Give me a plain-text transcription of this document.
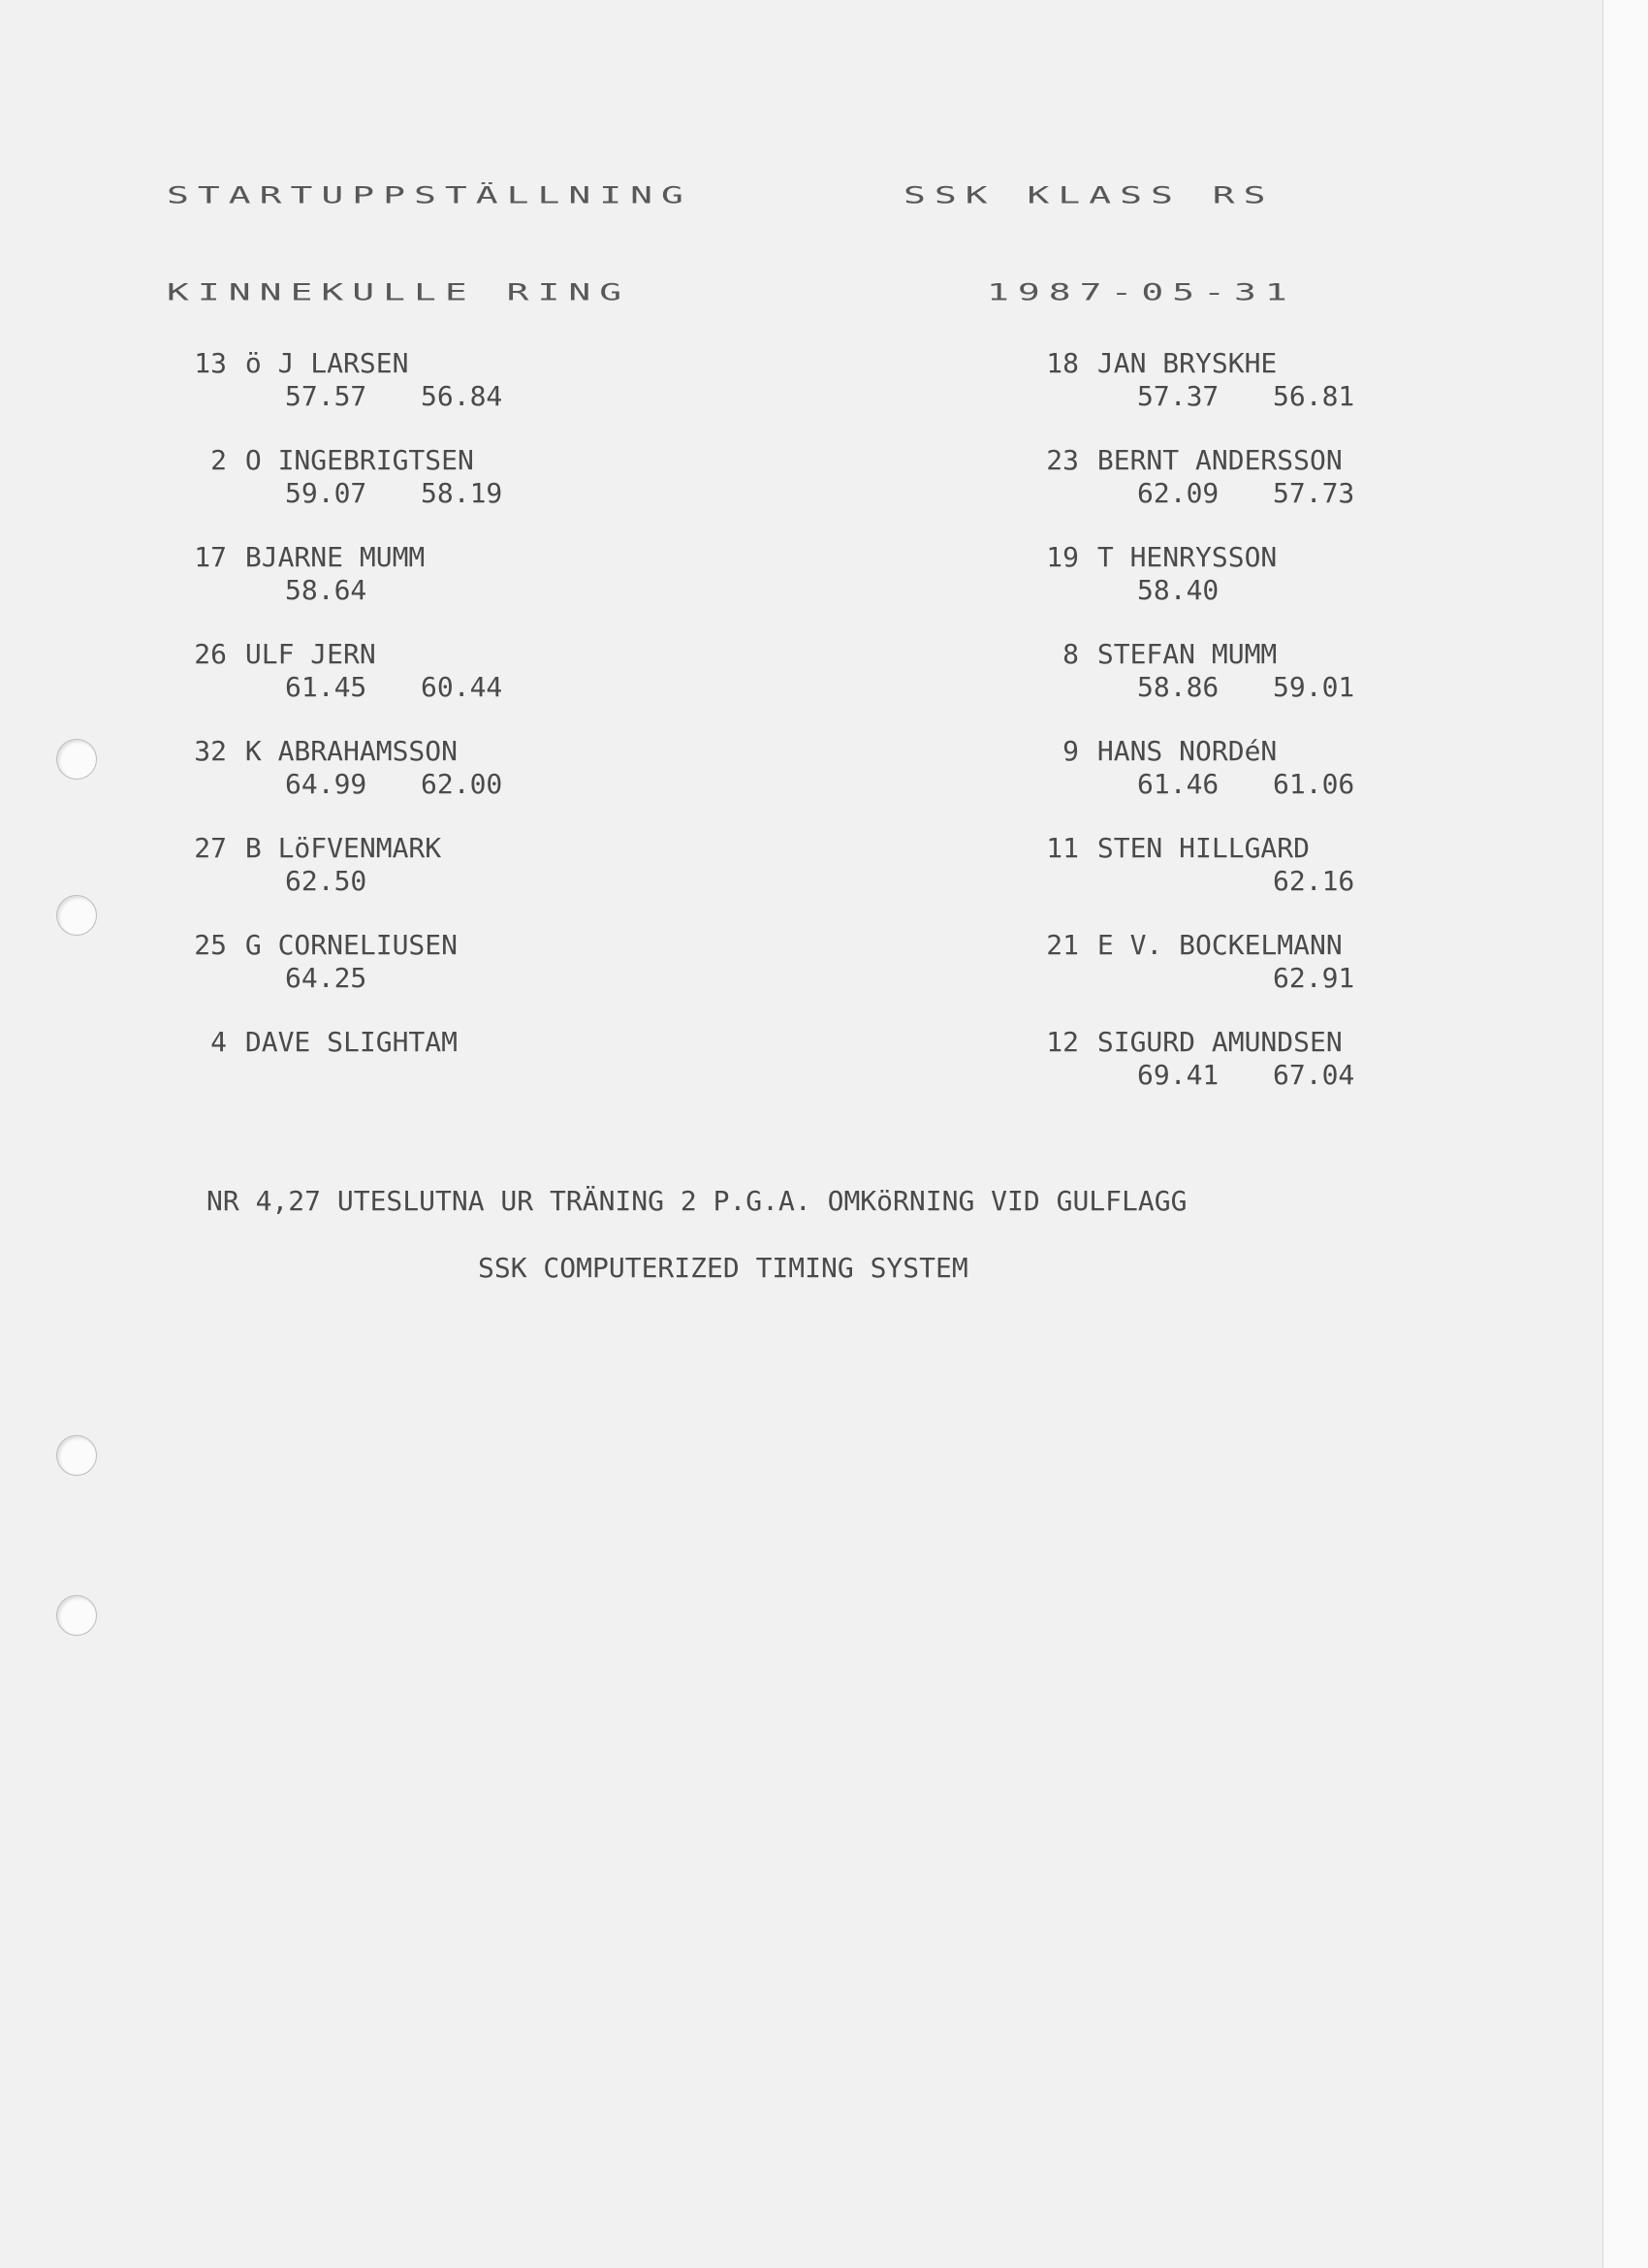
STARTUPPSTÄLLNING	SSK KLASS RS
KINNEKULLE RING	1987-05-31
13 ö J LARSEN
57.57 56.84
2 O INGEBRIGTSEN
59.07 58.19
17 BJARNE MUMM
58.64
26 ULF JERN
61.45 60.44
32 K ABRAHAMSSON
64.99 62.00
27 B LöFVENMARK
62.50
25 G CORNELIUSEN
64.25
4 DAVE SLIGHTAM
18 JAN BRYSKHE
57.37 56.81
23 BERNT ANDERSSON
62.09 57.73
19 T HENRYSSON
58.40
8 STEFAN MUMM
58.86 59.01
9 HANS NORDéN
61.46 61.06
11 STEN HILLGARD
62.16
21 E V. BOCKELMANN
62.91
12 SIGURD AMUNDSEN
69.41 67.04
NR 4,27 UTESLUTNA UR TRÄNING 2 P.G.A. OMKöRNING VID GULFLAGG
SSK COMPUTERIZED TIMING SYSTEM
